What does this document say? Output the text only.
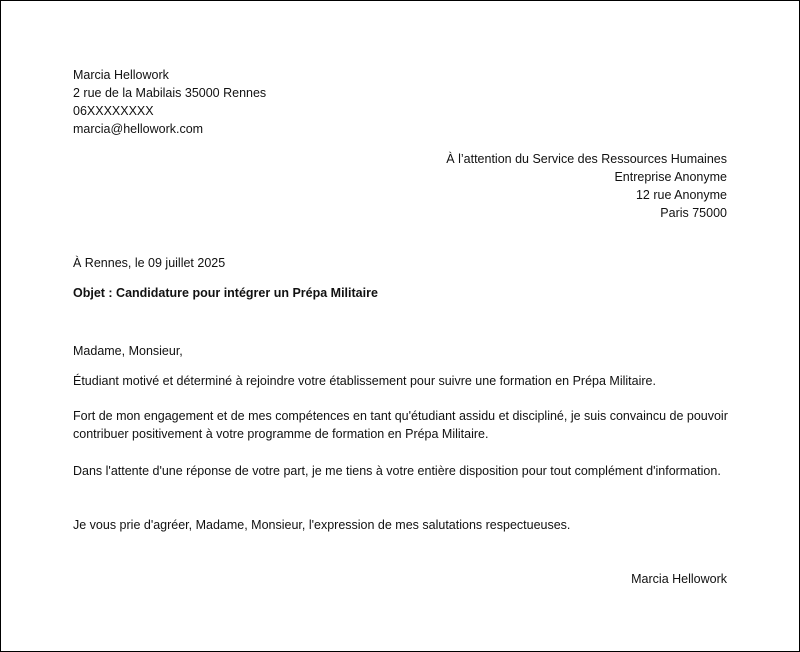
Marcia Hellowork
2 rue de la Mabilais 35000 Rennes
06XXXXXXXX
marcia@hellowork.com
À l’attention du Service des Ressources Humaines
Entreprise Anonyme
12 rue Anonyme
Paris 75000
À Rennes, le 09 juillet 2025
Objet : Candidature pour intégrer un Prépa Militaire
Madame, Monsieur,
Étudiant motivé et déterminé à rejoindre votre établissement pour suivre une formation en Prépa Militaire.
Fort de mon engagement et de mes compétences en tant qu'étudiant assidu et discipliné, je suis convaincu de pouvoir contribuer positivement à votre programme de formation en Prépa Militaire.
Dans l'attente d'une réponse de votre part, je me tiens à votre entière disposition pour tout complément d'information.
Je vous prie d'agréer, Madame, Monsieur, l'expression de mes salutations respectueuses.
Marcia Hellowork
